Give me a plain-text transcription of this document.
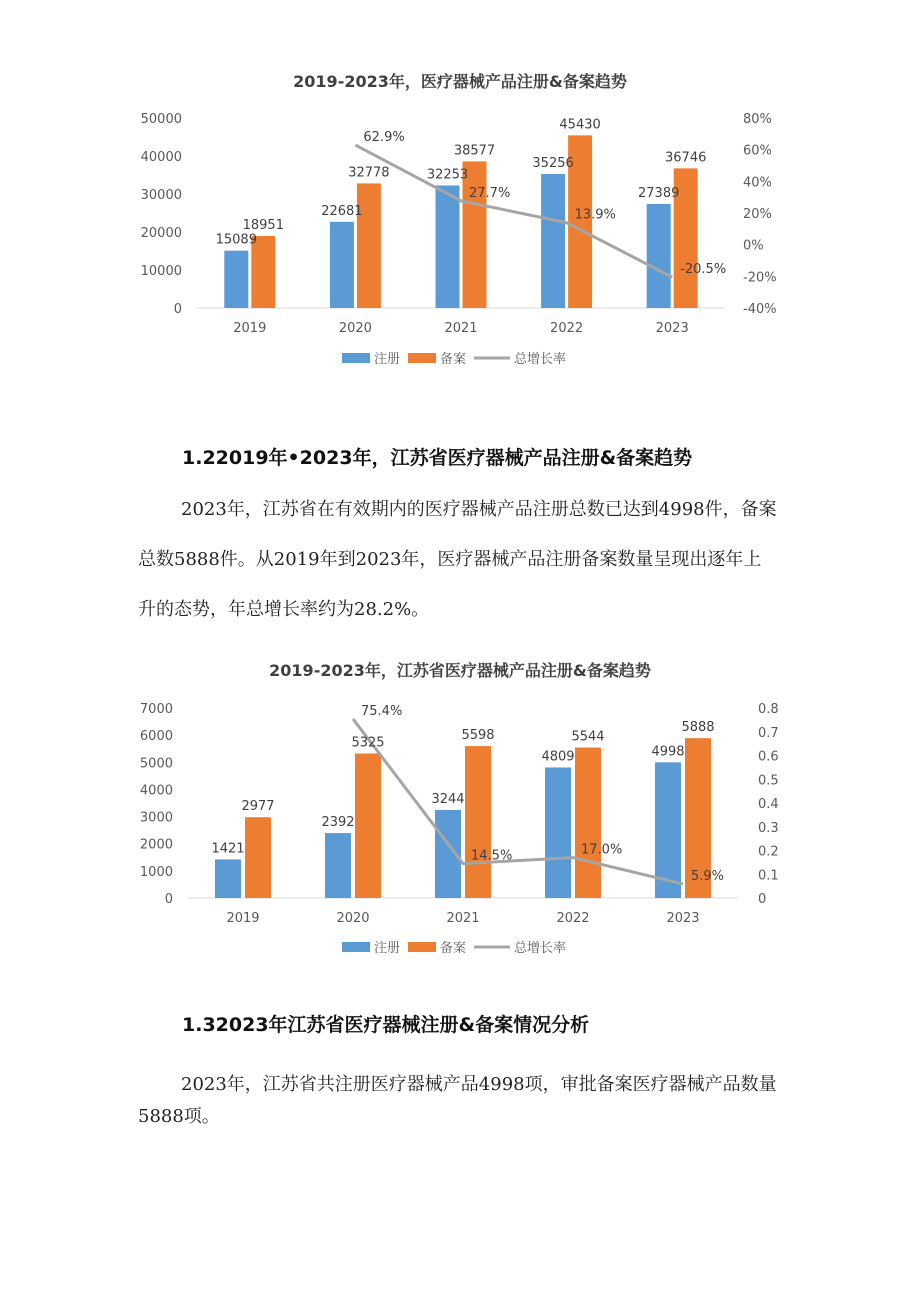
2019-2023年，医疗器械产品注册&备案趋势
50000
40000
30000
20000
10000
0
80%
60%
40%
20%
0%
-20%
-40%
2019	2020	2021	2022	2023
15089
22681
32253
35256
27389
18951
32778
38577
45430
36746
62.9%
27.7%
13.9%
-20.5%
注册	备案	总增长率
1.22019年•2023年，江苏省医疗器械产品注册&备案趋势

2023年，江苏省在有效期内的医疗器械产品注册总数已达到4998件，备案总数5888件。从2019年到2023年，医疗器械产品注册备案数量呈现出逐年上升的态势，年总增长率约为28.2%。

2019-2023年，江苏省医疗器械产品注册&备案趋势
7000
6000
5000
4000
3000
2000
1000
0
0.8
0.7
0.6
0.5
0.4
0.3
0.2
0.1
0
2019	2020	2021	2022	2023
1421
2392
3244
4809	4998
2977
5325	5598	5544
5888
75.4%
14.5%	17.0%
5.9%
注册	备案	总增长率
1.32023年江苏省医疗器械注册&备案情况分析

2023年，江苏省共注册医疗器械产品4998项，审批备案医疗器械产品数量5888项。
